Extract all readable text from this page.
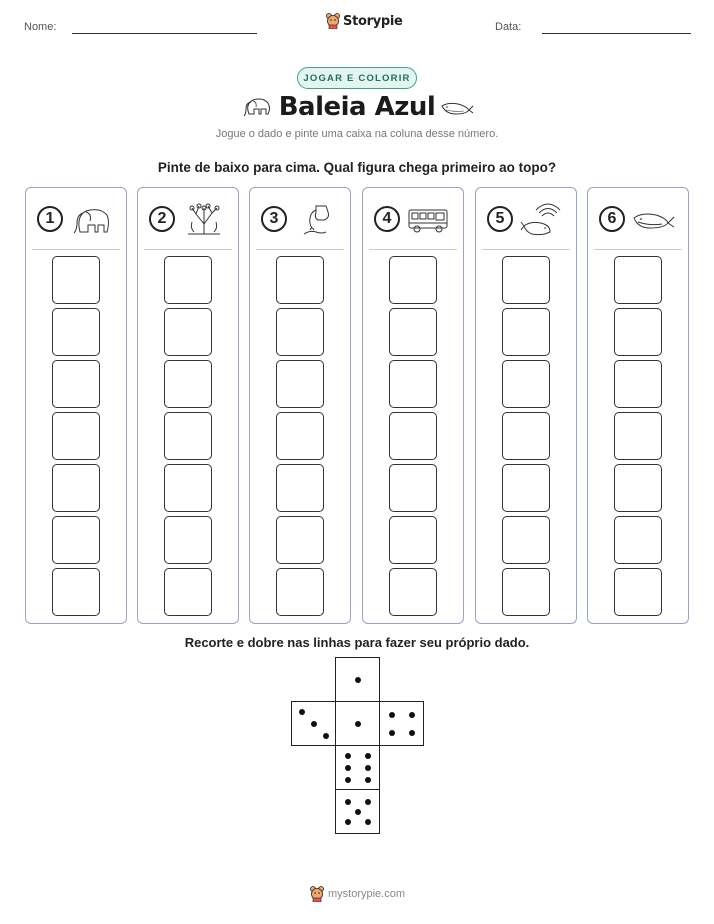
Nome:	Storypie	Data:
JOGAR E COLORIR
Baleia Azul
Jogue o dado e pinte uma caixa na coluna desse número.
Pinte de baixo para cima. Qual figura chega primeiro ao topo?
1	2	3	4	5	6
Recorte e dobre nas linhas para fazer seu próprio dado.
mystorypie.com
